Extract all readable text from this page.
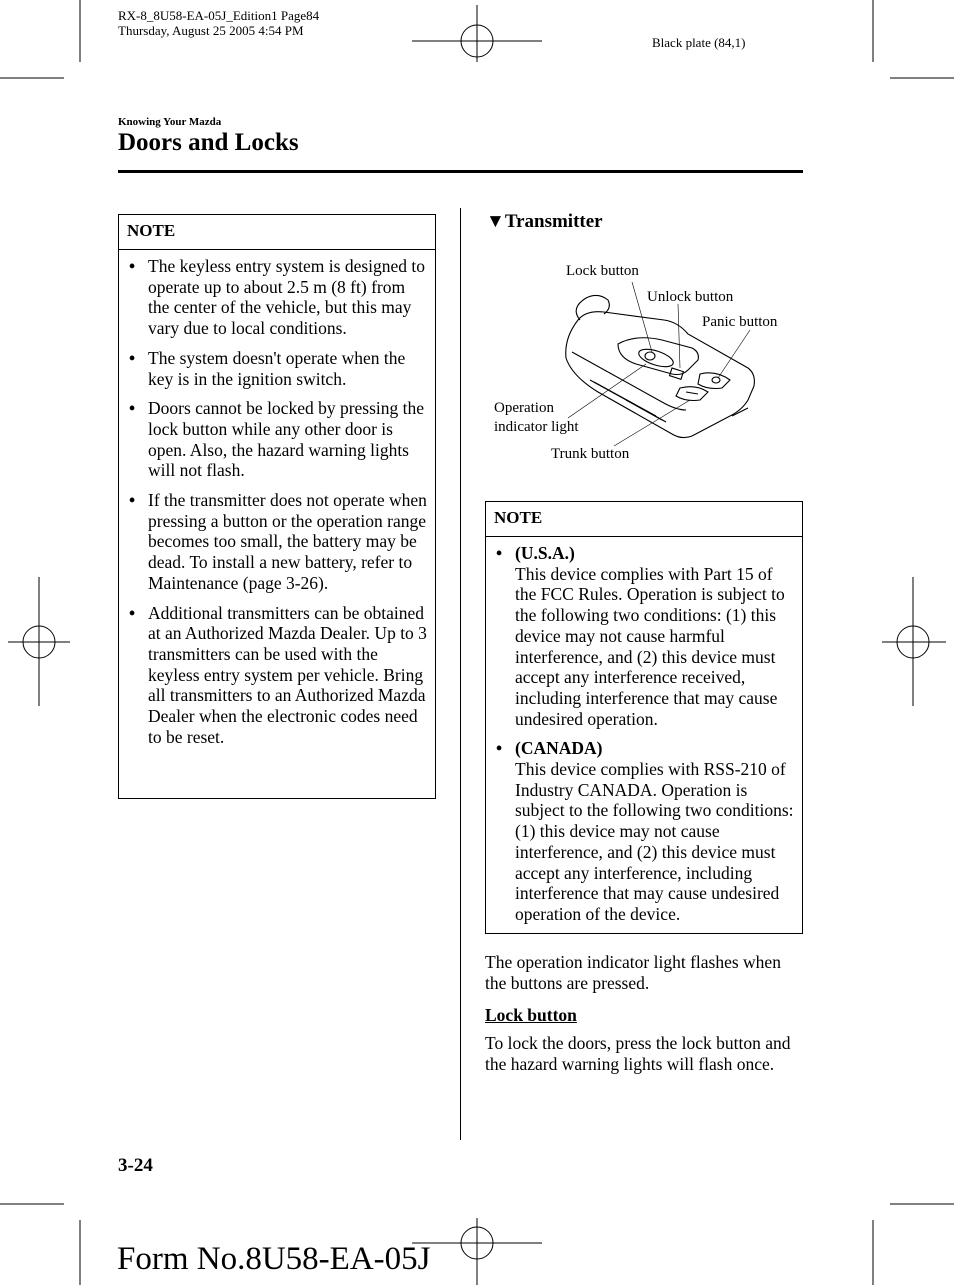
RX-8_8U58-EA-05J_Edition1 Page84
Thursday, August 25 2005 4:54 PM
Black plate (84,1)
Knowing Your Mazda
Doors and Locks
NOTE
• The keyless entry system is designed to operate up to about 2.5 m (8 ft) from the center of the vehicle, but this may vary due to local conditions.
• The system doesn't operate when the key is in the ignition switch.
• Doors cannot be locked by pressing the lock button while any other door is open. Also, the hazard warning lights will not flash.
• If the transmitter does not operate when pressing a button or the operation range becomes too small, the battery may be dead. To install a new battery, refer to Maintenance (page 3-26).
• Additional transmitters can be obtained at an Authorized Mazda Dealer. Up to 3 transmitters can be used with the keyless entry system per vehicle. Bring all transmitters to an Authorized Mazda Dealer when the electronic codes need to be reset.
▼Transmitter
Lock button
Unlock button
Panic button
Operation
indicator light
Trunk button
NOTE
• (U.S.A.)
This device complies with Part 15 of the FCC Rules. Operation is subject to the following two conditions: (1) this device may not cause harmful interference, and (2) this device must accept any interference received, including interference that may cause undesired operation.
• (CANADA)
This device complies with RSS-210 of Industry CANADA. Operation is subject to the following two conditions: (1) this device may not cause interference, and (2) this device must accept any interference, including interference that may cause undesired operation of the device.
The operation indicator light flashes when the buttons are pressed.
Lock button
To lock the doors, press the lock button and the hazard warning lights will flash once.
3-24
Form No.8U58-EA-05J
